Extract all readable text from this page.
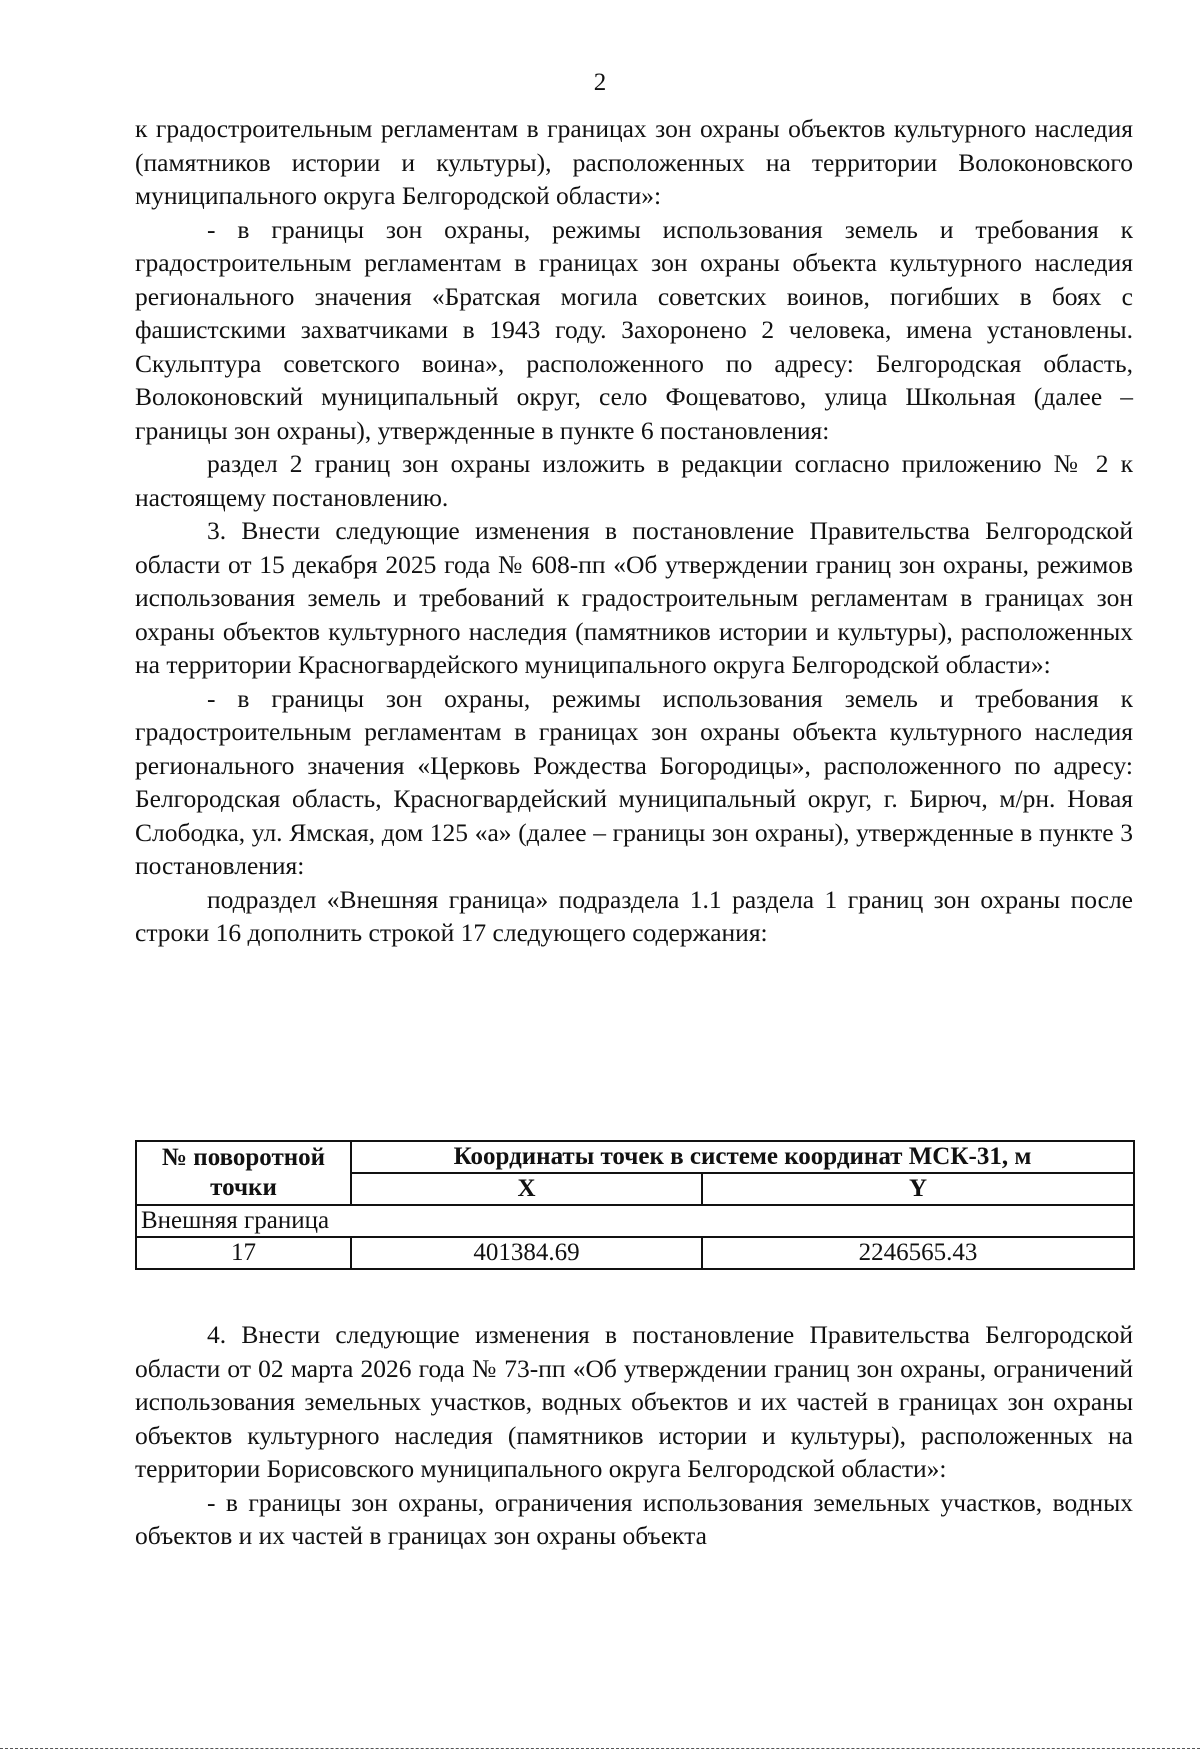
2

к градостроительным регламентам в границах зон охраны объектов культурного наследия (памятников истории и культуры), расположенных на территории Волоконовского муниципального округа Белгородской области»:

- в границы зон охраны, режимы использования земель и требования к градостроительным регламентам в границах зон охраны объекта культурного наследия регионального значения «Братская могила советских воинов, погибших в боях с фашистскими захватчиками в 1943 году. Захоронено 2 человека, имена установлены. Скульптура советского воина», расположенного по адресу: Белгородская область, Волоконовский муниципальный округ, село Фощеватово, улица Школьная (далее – границы зон охраны), утвержденные в пункте 6 постановления:

раздел 2 границ зон охраны изложить в редакции согласно приложению № 2 к настоящему постановлению.

3. Внести следующие изменения в постановление Правительства Белгородской области от 15 декабря 2025 года № 608-пп «Об утверждении границ зон охраны, режимов использования земель и требований к градостроительным регламентам в границах зон охраны объектов культурного наследия (памятников истории и культуры), расположенных на территории Красногвардейского муниципального округа Белгородской области»:

- в границы зон охраны, режимы использования земель и требования к градостроительным регламентам в границах зон охраны объекта культурного наследия регионального значения «Церковь Рождества Богородицы», расположенного по адресу: Белгородская область, Красногвардейский муниципальный округ, г. Бирюч, м/рн. Новая Слободка, ул. Ямская, дом 125 «а» (далее – границы зон охраны), утвержденные в пункте 3 постановления:

подраздел «Внешняя граница» подраздела 1.1 раздела 1 границ зон охраны после строки 16 дополнить строкой 17 следующего содержания:

№ поворотной точки	Координаты точек в системе координат МСК-31, м	
	X	Y
Внешняя граница		
17	401384.69	2246565.43

4. Внести следующие изменения в постановление Правительства Белгородской области от 02 марта 2026 года № 73-пп «Об утверждении границ зон охраны, ограничений использования земельных участков, водных объектов и их частей в границах зон охраны объектов культурного наследия (памятников истории и культуры), расположенных на территории Борисовского муниципального округа Белгородской области»:

- в границы зон охраны, ограничения использования земельных участков, водных объектов и их частей в границах зон охраны объекта
